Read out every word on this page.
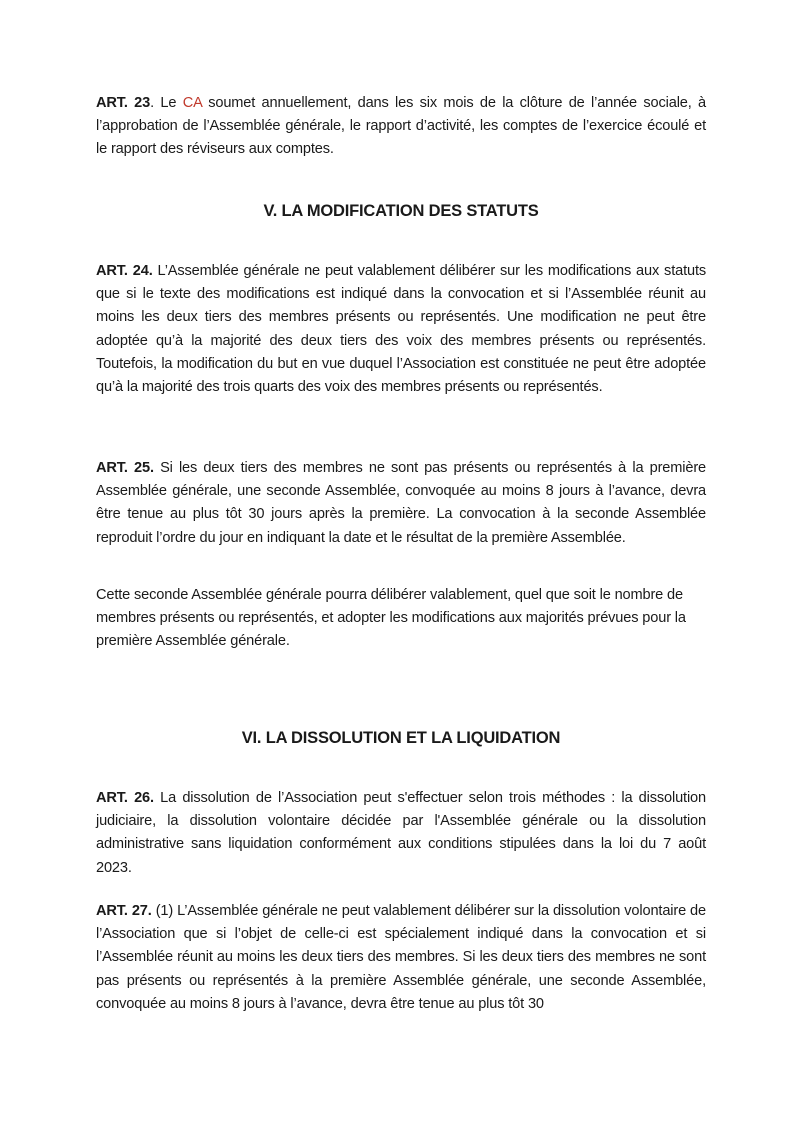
ART. 23. Le CA soumet annuellement, dans les six mois de la clôture de l’année sociale, à l’approbation de l’Assemblée générale, le rapport d’activité, les comptes de l’exercice écoulé et le rapport des réviseurs aux comptes.

V. LA MODIFICATION DES STATUTS

ART. 24. L’Assemblée générale ne peut valablement délibérer sur les modifications aux statuts que si le texte des modifications est indiqué dans la convocation et si l’Assemblée réunit au moins les deux tiers des membres présents ou représentés. Une modification ne peut être adoptée qu’à la majorité des deux tiers des voix des membres présents ou représentés. Toutefois, la modification du but en vue duquel l’Association est constituée ne peut être adoptée qu’à la majorité des trois quarts des voix des membres présents ou représentés.

ART. 25. Si les deux tiers des membres ne sont pas présents ou représentés à la première Assemblée générale, une seconde Assemblée, convoquée au moins 8 jours à l’avance, devra être tenue au plus tôt 30 jours après la première. La convocation à la seconde Assemblée reproduit l’ordre du jour en indiquant la date et le résultat de la première Assemblée.

Cette seconde Assemblée générale pourra délibérer valablement, quel que soit le nombre de membres présents ou représentés, et adopter les modifications aux majorités prévues pour la première Assemblée générale.

VI. LA DISSOLUTION ET LA LIQUIDATION

ART. 26. La dissolution de l’Association peut s'effectuer selon trois méthodes : la dissolution judiciaire, la dissolution volontaire décidée par l'Assemblée générale ou la dissolution administrative sans liquidation conformément aux conditions stipulées dans la loi du 7 août 2023.

ART. 27. (1) L’Assemblée générale ne peut valablement délibérer sur la dissolution volontaire de l’Association que si l’objet de celle-ci est spécialement indiqué dans la convocation et si l’Assemblée réunit au moins les deux tiers des membres. Si les deux tiers des membres ne sont pas présents ou représentés à la première Assemblée générale, une seconde Assemblée, convoquée au moins 8 jours à l’avance, devra être tenue au plus tôt 30
